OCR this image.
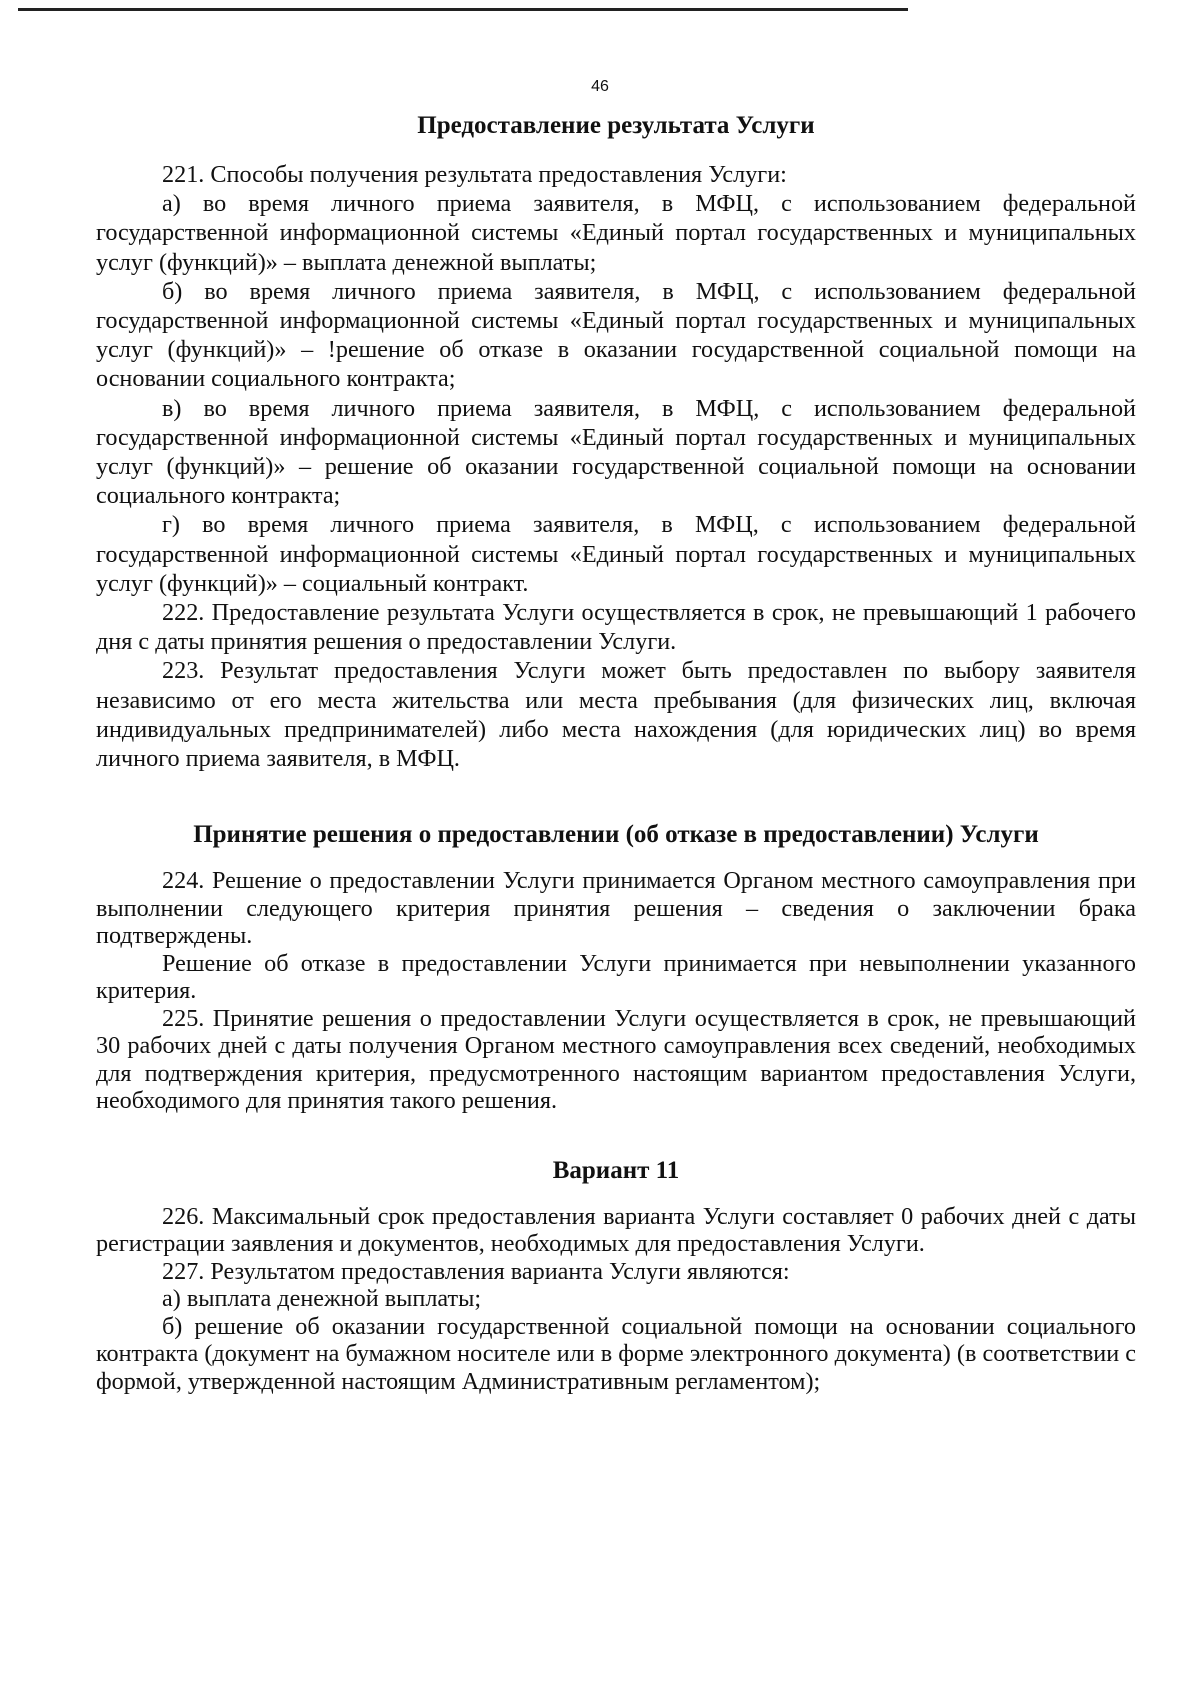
46
Предоставление результата Услуги

221. Способы получения результата предоставления Услуги:

а) во время личного приема заявителя, в МФЦ, с использованием федеральной государственной информационной системы «Единый портал государственных и муниципальных услуг (функций)» – выплата денежной выплаты;

б) во время личного приема заявителя, в МФЦ, с использованием федеральной государственной информационной системы «Единый портал государственных и муниципальных услуг (функций)» – !решение об отказе в оказании государственной социальной помощи на основании социального контракта;

в) во время личного приема заявителя, в МФЦ, с использованием федеральной государственной информационной системы «Единый портал государственных и муниципальных услуг (функций)» – решение об оказании государственной социальной помощи на основании социального контракта;

г) во время личного приема заявителя, в МФЦ, с использованием федеральной государственной информационной системы «Единый портал государственных и муниципальных услуг (функций)» – социальный контракт.

222. Предоставление результата Услуги осуществляется в срок, не превышающий 1 рабочего дня с даты принятия решения о предоставлении Услуги.

223. Результат предоставления Услуги может быть предоставлен по выбору заявителя независимо от его места жительства или места пребывания (для физических лиц, включая индивидуальных предпринимателей) либо места нахождения (для юридических лиц) во время личного приема заявителя, в МФЦ.

Принятие решения о предоставлении (об отказе в предоставлении) Услуги

224. Решение о предоставлении Услуги принимается Органом местного самоуправления при выполнении следующего критерия принятия решения – сведения о заключении брака подтверждены.

Решение об отказе в предоставлении Услуги принимается при невыполнении указанного критерия.

225. Принятие решения о предоставлении Услуги осуществляется в срок, не превышающий 30 рабочих дней с даты получения Органом местного самоуправления всех сведений, необходимых для подтверждения критерия, предусмотренного настоящим вариантом предоставления Услуги, необходимого для принятия такого решения.

Вариант 11

226. Максимальный срок предоставления варианта Услуги составляет 0 рабочих дней с даты регистрации заявления и документов, необходимых для предоставления Услуги.

227. Результатом предоставления варианта Услуги являются:

а) выплата денежной выплаты;

б) решение об оказании государственной социальной помощи на основании социального контракта (документ на бумажном носителе или в форме электронного документа) (в соответствии с формой, утвержденной настоящим Административным регламентом);
